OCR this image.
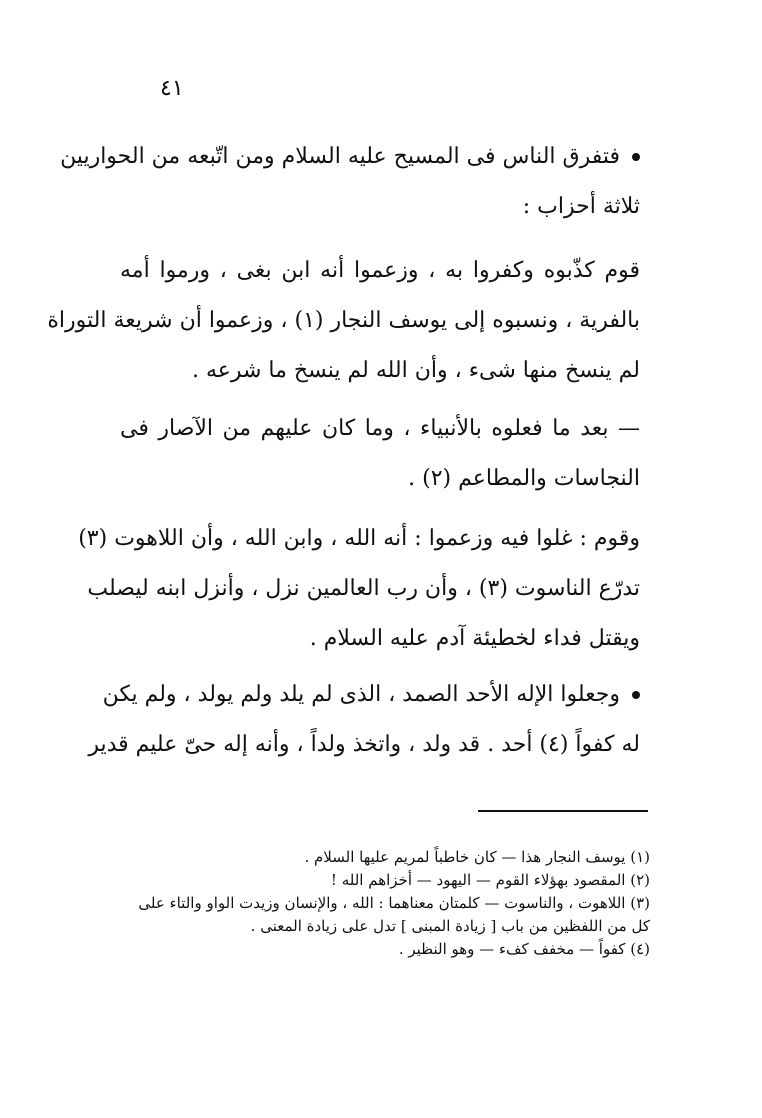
٤١
فتفرق الناس فى المسيح عليه السلام ومن اتّبعه من الحواريين
ثلاثة أحزاب :
قوم كذّبوه وكفروا به ، وزعموا أنه ابن بغى ، ورموا أمه
بالفرية ، ونسبوه إلى يوسف النجار (١) ، وزعموا أن شريعة التوراة
لم ينسخ منها شىء ، وأن الله لم ينسخ ما شرعه .
— بعد ما فعلوه بالأنبياء ، وما كان عليهم من الآصار فى
النجاسات والمطاعم (٢) .
وقوم : غلوا فيه وزعموا : أنه الله ، وابن الله ، وأن اللاهوت (٣)
تدرّع الناسوت (٣) ، وأن رب العالمين نزل ، وأنزل ابنه ليصلب
ويقتل فداء لخطيئة آدم عليه السلام .
وجعلوا الإله الأحد الصمد ، الذى لم يلد ولم يولد ، ولم يكن
له كفواً (٤) أحد . قد ولد ، واتخذ ولداً ، وأنه إله حىّ عليم قدير
(١) يوسف النجار هذا — كان خاطباً لمريم عليها السلام .
(٢) المقصود بهؤلاء القوم — اليهود — أخزاهم الله !
(٣) اللاهوت ، والناسوت — كلمتان معناهما : الله ، والإنسان وزيدت الواو والتاء على
كل من اللفظين من باب [ زيادة المبنى ] تدل على زيادة المعنى .
(٤) كفواً — مخفف كفء — وهو النظير .
